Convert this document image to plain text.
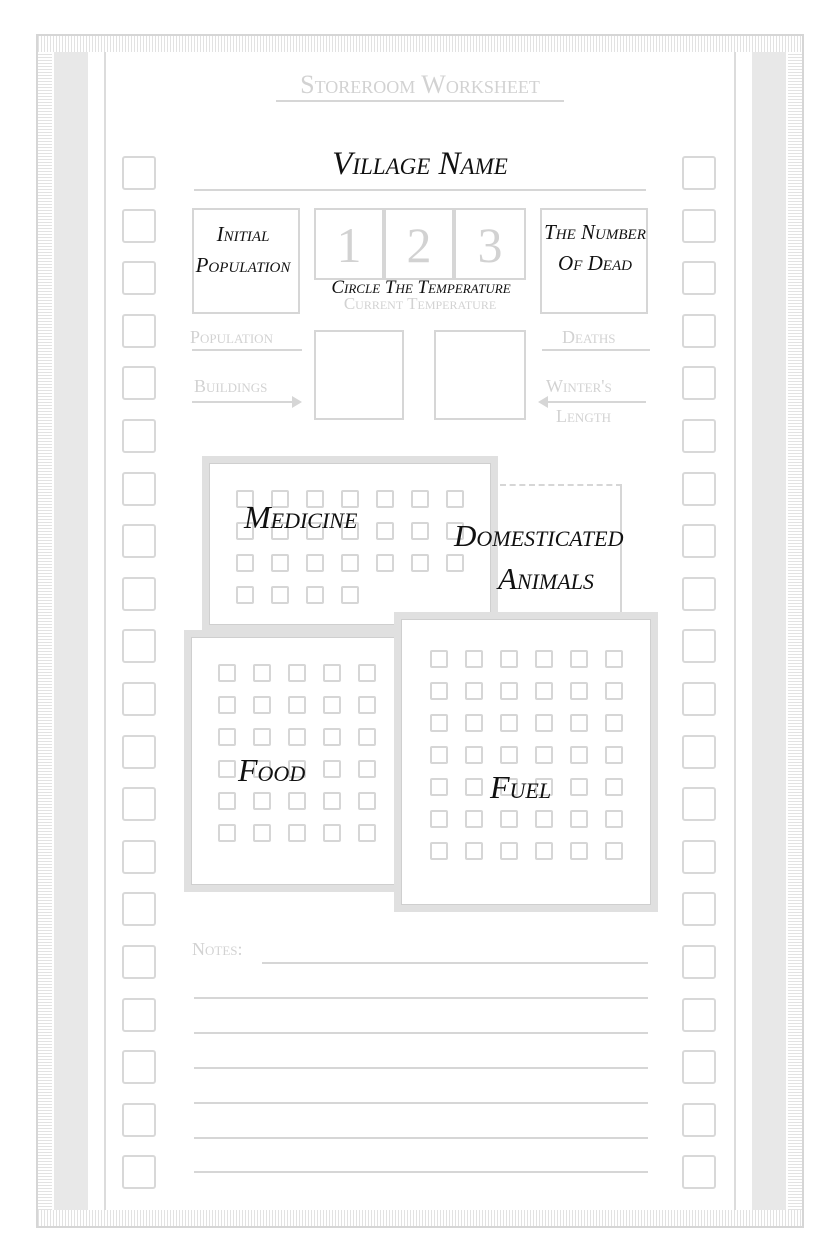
Storeroom Worksheet
Village Name
1 2 3
Initial
Population
The Number
Of Dead
Circle The Temperature
Current Temperature
Population
Buildings
Deaths
Winter's
Length
Medicine
Domesticated
Animals
Food	Fuel
Notes:
